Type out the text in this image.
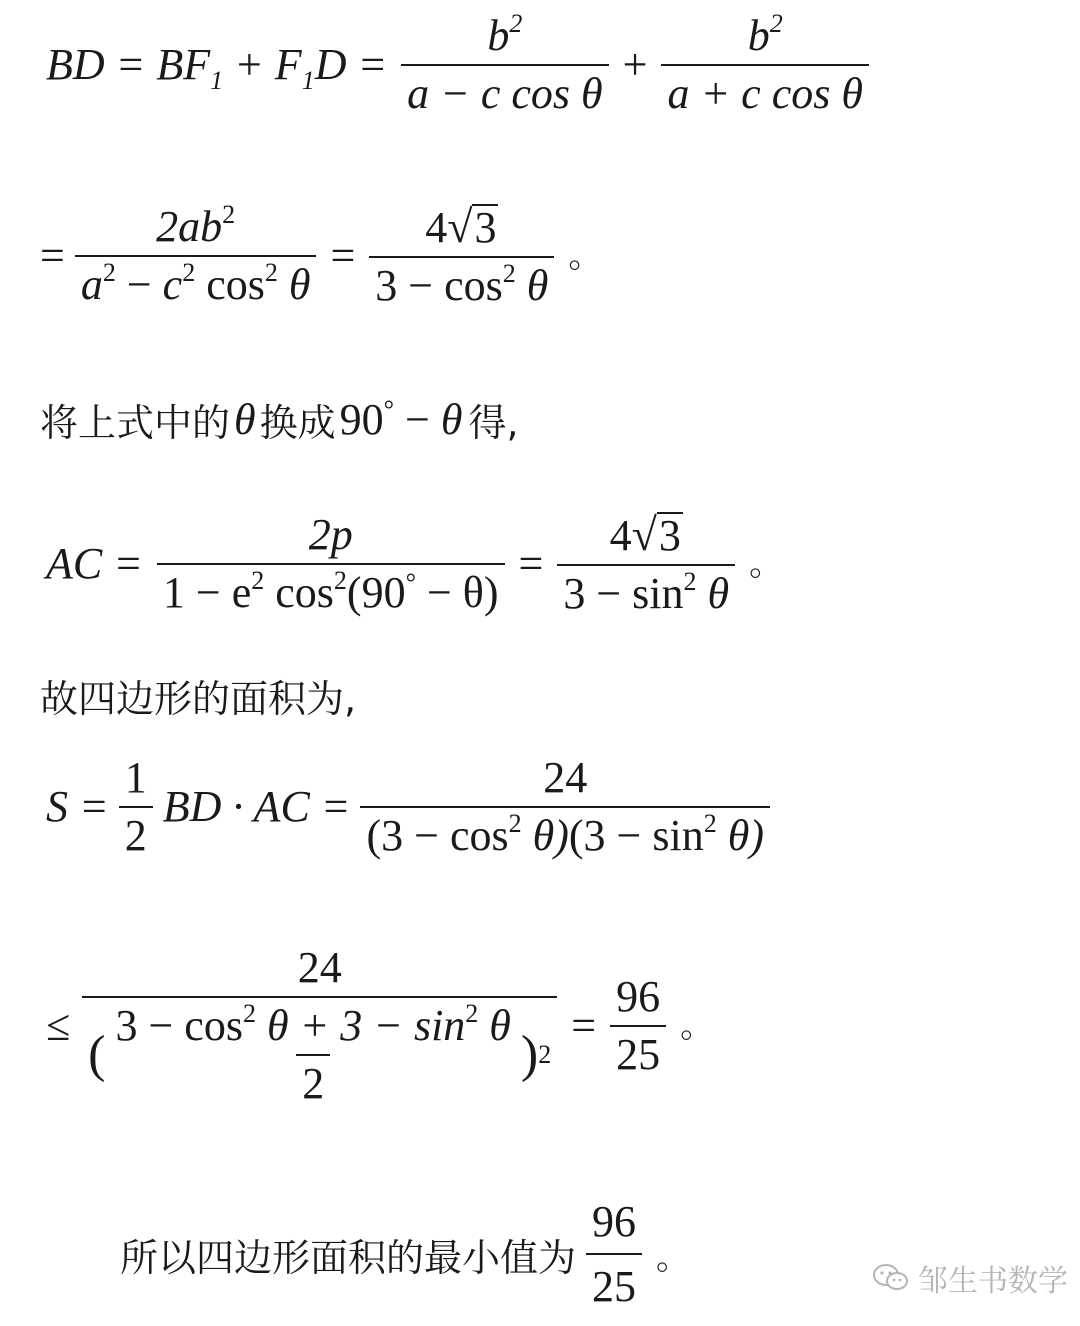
BD = $BF_1 + F_1D = \frac{b^2}{\text{a − c cos θ}} + \frac{b^2}{\text{a + c cos θ}}$
= $\frac{2ab^2}{a^2 - c^2 \cos^2 \theta} = \frac{4 √ 3}{3 - \cos^2 \theta}$ 。
将上式中的 θ 换成 90° − θ 得,
AC = $\frac{2p}{1 - e^2 \cos^2(90^\circ - \theta)} = \frac{4 √ 3}{3 - \sin^2 \theta}$ 。
故四边形的面积为,
$S = \frac{1}{2}$ BD · AC = $\frac{24}{(3 - \cos^2 \theta)(3 - \sin^2 \theta)}$
≤
24
( $\frac{3 - \cos^2 \theta + 3 - \sin^2 \theta}{2}$ ) 2
= $\frac{96}{25}$ 。
所以四边形面积的最小值为 $\frac{96}{25}$ 。
邹生书数学
